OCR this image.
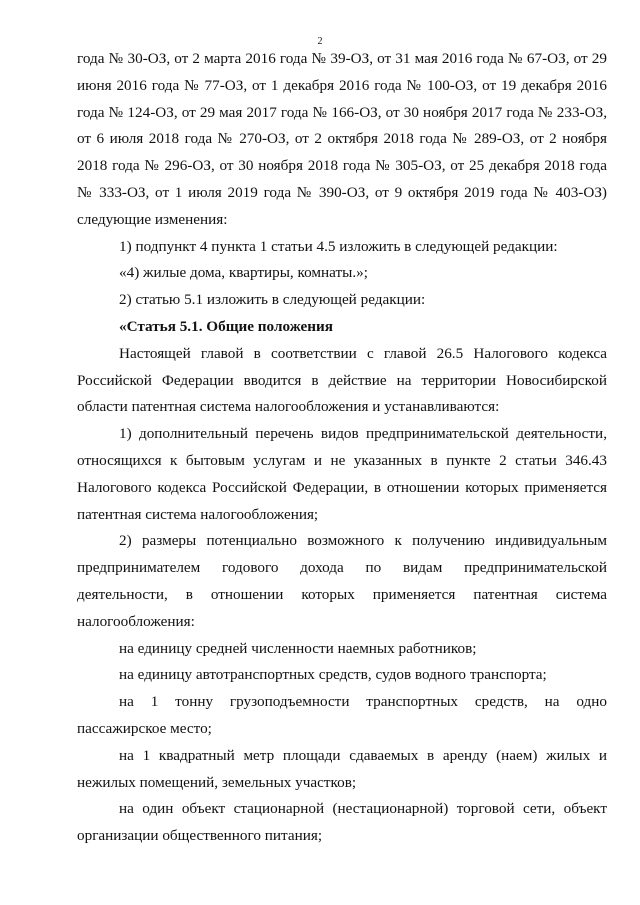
2

года № 30-ОЗ, от 2 марта 2016 года № 39-ОЗ, от 31 мая 2016 года № 67-ОЗ, от 29 июня 2016 года № 77-ОЗ, от 1 декабря 2016 года № 100-ОЗ, от 19 декабря 2016 года № 124-ОЗ, от 29 мая 2017 года № 166-ОЗ, от 30 ноября 2017 года № 233-ОЗ, от 6 июля 2018 года № 270-ОЗ, от 2 октября 2018 года № 289-ОЗ, от 2 ноября 2018 года № 296-ОЗ, от 30 ноября 2018 года № 305-ОЗ, от 25 декабря 2018 года № 333-ОЗ, от 1 июля 2019 года № 390-ОЗ, от 9 октября 2019 года № 403-ОЗ) следующие изменения:

1) подпункт 4 пункта 1 статьи 4.5 изложить в следующей редакции:

«4) жилые дома, квартиры, комнаты.»;

2) статью 5.1 изложить в следующей редакции:

«Статья 5.1. Общие положения

Настоящей главой в соответствии с главой 26.5 Налогового кодекса Российской Федерации вводится в действие на территории Новосибирской области патентная система налогообложения и устанавливаются:

1) дополнительный перечень видов предпринимательской деятельности, относящихся к бытовым услугам и не указанных в пункте 2 статьи 346.43 Налогового кодекса Российской Федерации, в отношении которых применяется патентная система налогообложения;

2) размеры потенциально возможного к получению индивидуальным предпринимателем годового дохода по видам предпринимательской деятельности, в отношении которых применяется патентная система налогообложения:

на единицу средней численности наемных работников;

на единицу автотранспортных средств, судов водного транспорта;

на 1 тонну грузоподъемности транспортных средств, на одно пассажирское место;

на 1 квадратный метр площади сдаваемых в аренду (наем) жилых и нежилых помещений, земельных участков;

на один объект стационарной (нестационарной) торговой сети, объект организации общественного питания;
